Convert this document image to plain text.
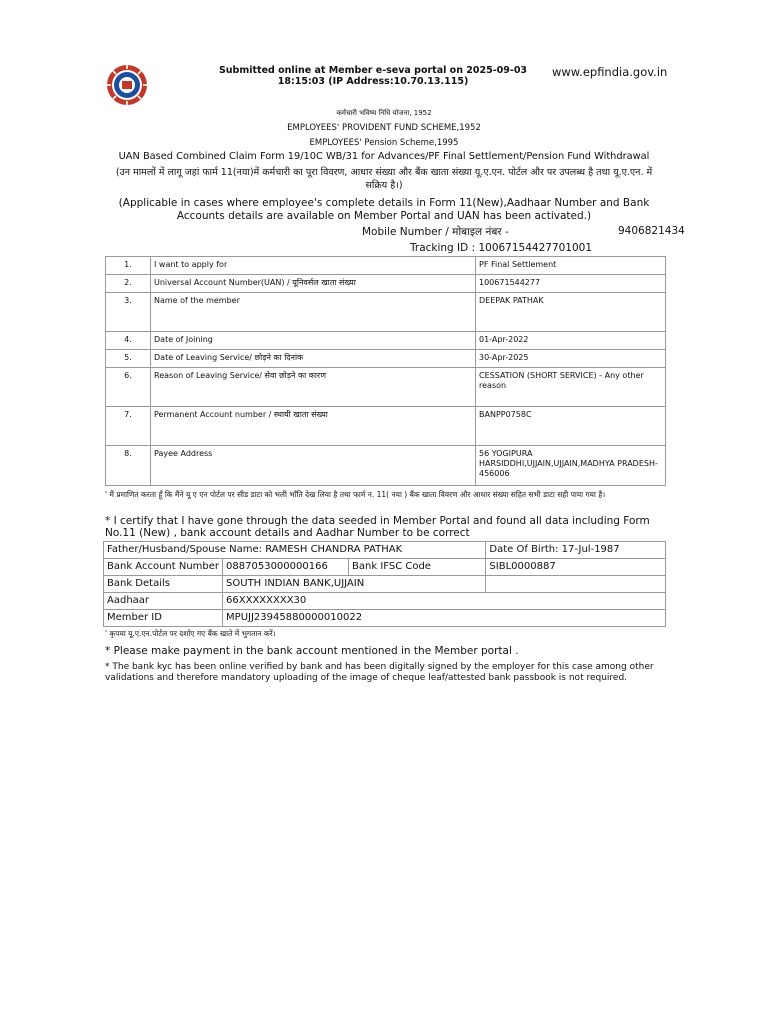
Submitted online at Member e-seva portal on 2025-09-03 18:15:03 (IP Address:10.70.13.115)
www.epfindia.gov.in
कर्मचारी भविष्य निधि योजना, 1952
EMPLOYEES' PROVIDENT FUND SCHEME,1952
EMPLOYEES' Pension Scheme,1995
UAN Based Combined Claim Form 19/10C WB/31 for Advances/PF Final Settlement/Pension Fund Withdrawal
(उन मामलों में लागू जहां फार्म 11(नया)में कर्मचारी का पूरा विवरण, आधार संख्या और बैंक खाता संख्या यू.ए.एन. पोर्टल और पर उपलब्ध है तथा यू.ए.एन. में सक्रिय है।)
(Applicable in cases where employee's complete details in Form 11(New),Aadhaar Number and Bank Accounts details are available on Member Portal and UAN has been activated.)
Mobile Number / मोबाइल नंबर -	9406821434
Tracking ID : 10067154427701001
1.	I want to apply for	PF Final Settlement
2.	Universal Account Number(UAN) / यूनिवर्सल खाता संख्या	100671544277
3.	Name of the member	DEEPAK PATHAK
4.	Date of Joining	01-Apr-2022
5.	Date of Leaving Service/ छोड़ने का दिनांक	30-Apr-2025
6.	Reason of Leaving Service/ सेवा छोड़ने का कारण	CESSATION (SHORT SERVICE) - Any other reason
7.	Permanent Account number / स्थायी खाता संख्या	BANPP0758C
8.	Payee Address	56 YOGIPURA HARSIDDHI,UJJAIN,UJJAIN,MADHYA PRADESH-456006
' मैं प्रमाणित करता हूँ कि मैंने यू ए एन पोर्टल पर सीड डाटा को भली भाँति देख लिया है तथा फार्म न. 11( नया ) बैंक खाता विवरण और आधार संख्या सहित सभी डाटा सही पाया गया है।
* I certify that I have gone through the data seeded in Member Portal and found all data including Form No.11 (New) , bank account details and Aadhar Number to be correct
Father/Husband/Spouse Name: RAMESH CHANDRA PATHAK			Date Of Birth: 17-Jul-1987
Bank Account Number	0887053000000166	Bank IFSC Code	SIBL0000887
Bank Details	SOUTH INDIAN BANK,UJJAIN		
Aadhaar	66XXXXXXXX30		
Member ID	MPUJJ23945880000010022		
' कृपया यू.ए.एन.पोर्टल पर दर्शाए गए बैंक खाते में भुगतान करें।
* Please make payment in the bank account mentioned in the Member portal .
* The bank kyc has been online verified by bank and has been digitally signed by the employer for this case among other validations and therefore mandatory uploading of the image of cheque leaf/attested bank passbook is not required.
